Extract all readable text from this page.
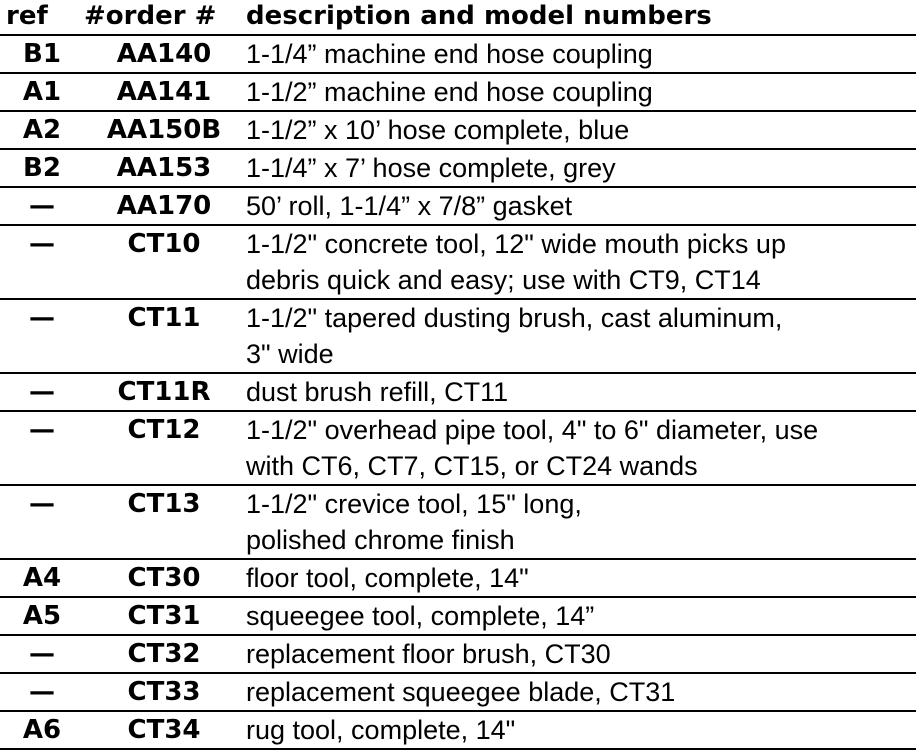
ref	#order #	description and model numbers
B1	AA140	1-1/4” machine end hose coupling

A1	AA141	1-1/2” machine end hose coupling

A2	AA150B	1-1/2” x 10’ hose complete, blue

B2	AA153	1-1/4” x 7’ hose complete, grey

—	AA170	50’ roll, 1-1/4” x 7/8” gasket

—	CT10	1-1/2" concrete tool, 12" wide mouth picks up
debris quick and easy; use with CT9, CT14

—	CT11	1-1/2" tapered dusting brush, cast aluminum,
3" wide

—	CT11R	dust brush refill, CT11

—	CT12	1-1/2" overhead pipe tool, 4" to 6" diameter, use
with CT6, CT7, CT15, or CT24 wands

—	CT13	1-1/2" crevice tool, 15" long,
polished chrome finish

A4	CT30	floor tool, complete, 14"

A5	CT31	squeegee tool, complete, 14”

—	CT32	replacement floor brush, CT30

—	CT33	replacement squeegee blade, CT31

A6	CT34	rug tool, complete, 14"
